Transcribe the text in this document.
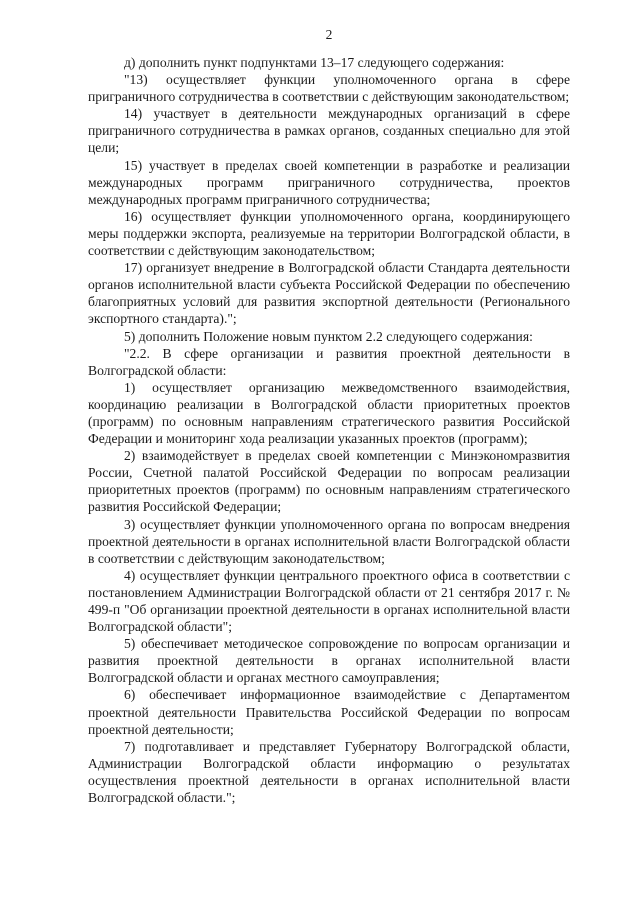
2

д) дополнить пункт подпунктами 13–17 следующего содержания:

"13) осуществляет функции уполномоченного органа в сфере приграничного сотрудничества в соответствии с действующим законодательством;

14) участвует в деятельности международных организаций в сфере приграничного сотрудничества в рамках органов, созданных специально для этой цели;

15) участвует в пределах своей компетенции в разработке и реализации международных программ приграничного сотрудничества, проектов международных программ приграничного сотрудничества;

16) осуществляет функции уполномоченного органа, координирующего меры поддержки экспорта, реализуемые на территории Волгоградской области, в соответствии с действующим законодательством;

17) организует внедрение в Волгоградской области Стандарта деятельности органов исполнительной власти субъекта Российской Федерации по обеспечению благоприятных условий для развития экспортной деятельности (Регионального экспортного стандарта).";

5) дополнить Положение новым пунктом 2.2 следующего содержания:

"2.2. В сфере организации и развития проектной деятельности в Волгоградской области:

1) осуществляет организацию межведомственного взаимодействия, координацию реализации в Волгоградской области приоритетных проектов (программ) по основным направлениям стратегического развития Российской Федерации и мониторинг хода реализации указанных проектов (программ);

2) взаимодействует в пределах своей компетенции с Минэкономразвития России, Счетной палатой Российской Федерации по вопросам реализации приоритетных проектов (программ) по основным направлениям стратегического развития Российской Федерации;

3) осуществляет функции уполномоченного органа по вопросам внедрения проектной деятельности в органах исполнительной власти Волгоградской области в соответствии с действующим законодательством;

4) осуществляет функции центрального проектного офиса в соответствии с постановлением Администрации Волгоградской области от 21 сентября 2017 г. № 499-п "Об организации проектной деятельности в органах исполнительной власти Волгоградской области";

5) обеспечивает методическое сопровождение по вопросам организации и развития проектной деятельности в органах исполнительной власти Волгоградской области и органах местного самоуправления;

6) обеспечивает информационное взаимодействие с Департаментом проектной деятельности Правительства Российской Федерации по вопросам проектной деятельности;

7) подготавливает и представляет Губернатору Волгоградской области, Администрации Волгоградской области информацию о результатах осуществления проектной деятельности в органах исполнительной власти Волгоградской области.";
